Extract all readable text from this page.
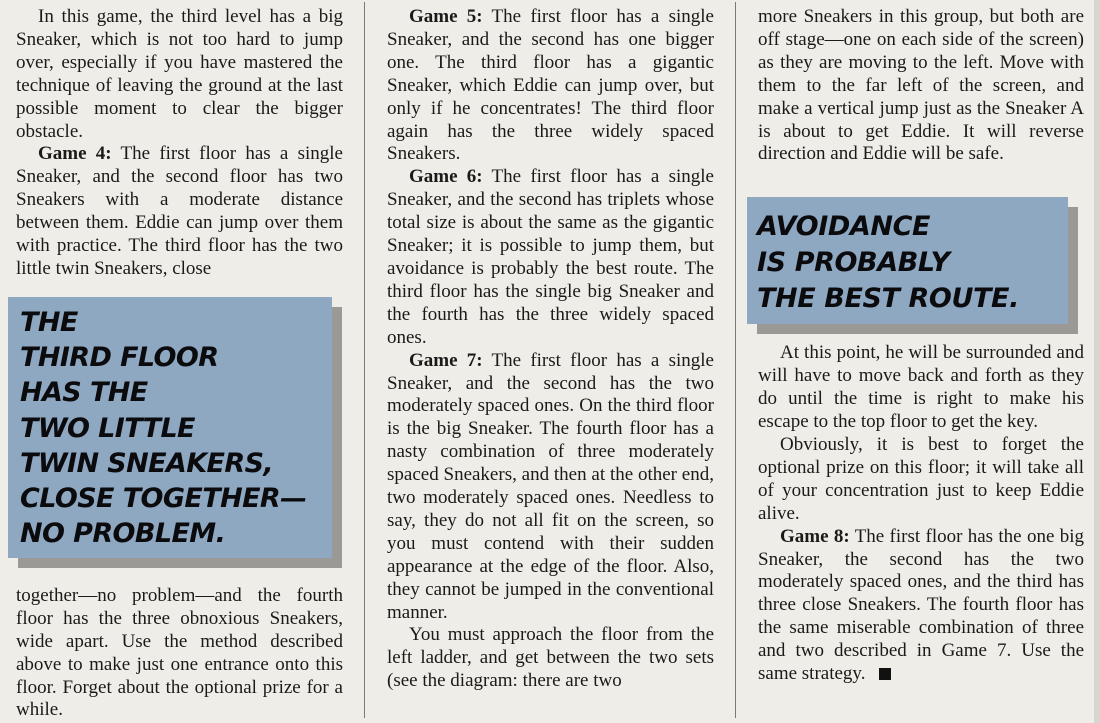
In this game, the third level has a big Sneaker, which is not too hard to jump over, especially if you have mastered the technique of leaving the ground at the last possible moment to clear the bigger obstacle.

Game 4: The first floor has a single Sneaker, and the second floor has two Sneakers with a moderate distance between them. Eddie can jump over them with practice. The third floor has the two little twin Sneakers, close

together—no problem—and the fourth floor has the three obnoxious Sneakers, wide apart. Use the method described above to make just one entrance onto this floor. Forget about the optional prize for a while.

THE
THIRD FLOOR
HAS THE
TWO LITTLE
TWIN SNEAKERS,
CLOSE TOGETHER—
NO PROBLEM.

Game 5: The first floor has a single Sneaker, and the second has one bigger one. The third floor has a gigantic Sneaker, which Eddie can jump over, but only if he concentrates! The third floor again has the three widely spaced Sneakers.

Game 6: The first floor has a single Sneaker, and the second has triplets whose total size is about the same as the gigantic Sneaker; it is possible to jump them, but avoidance is probably the best route. The third floor has the single big Sneaker and the fourth has the three widely spaced ones.

Game 7: The first floor has a single Sneaker, and the second has the two moderately spaced ones. On the third floor is the big Sneaker. The fourth floor has a nasty combination of three moderately spaced Sneakers, and then at the other end, two moderately spaced ones. Needless to say, they do not all fit on the screen, so you must contend with their sudden appearance at the edge of the floor. Also, they cannot be jumped in the conventional manner.

You must approach the floor from the left ladder, and get between the two sets (see the diagram: there are two

more Sneakers in this group, but both are off stage—one on each side of the screen) as they are moving to the left. Move with them to the far left of the screen, and make a vertical jump just as the Sneaker A is about to get Eddie. It will reverse direction and Eddie will be safe.

At this point, he will be surrounded and will have to move back and forth as they do until the time is right to make his escape to the top floor to get the key.

Obviously, it is best to forget the optional prize on this floor; it will take all of your concentration just to keep Eddie alive.

Game 8: The first floor has the one big Sneaker, the second has the two moderately spaced ones, and the third has three close Sneakers. The fourth floor has the same miserable combination of three and two described in Game 7. Use the same strategy.

AVOIDANCE
IS PROBABLY
THE BEST ROUTE.
